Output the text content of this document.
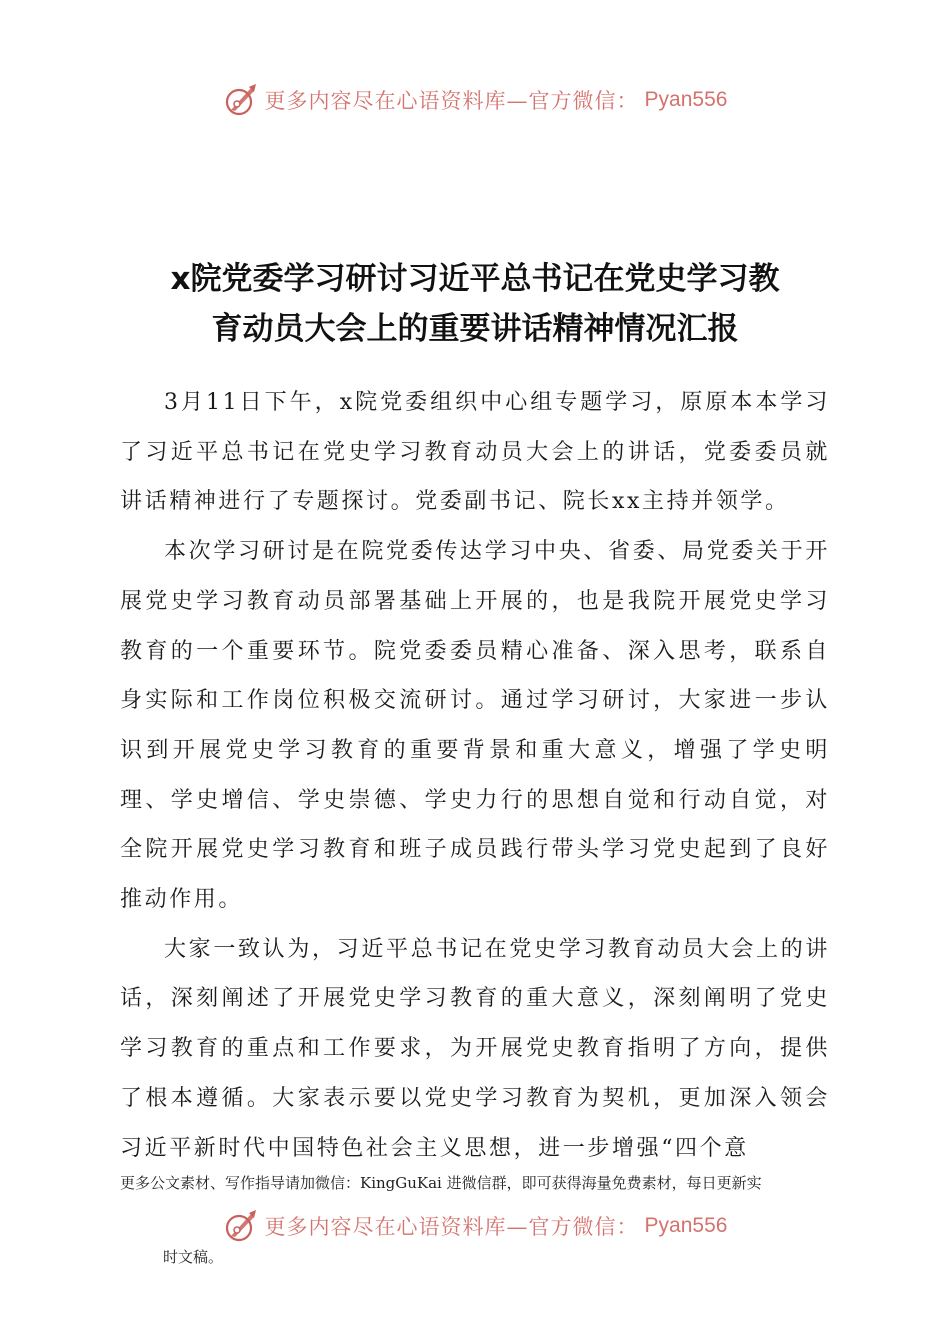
更多内容尽在心语资料库—官方微信： Pyan556
x院党委学习研讨习近平总书记在党史学习教
育动员大会上的重要讲话精神情况汇报

3月11日下午，x院党委组织中心组专题学习，原原本本学习了习近平总书记在党史学习教育动员大会上的讲话，党委委员就讲话精神进行了专题探讨。党委副书记、院长xx主持并领学。

本次学习研讨是在院党委传达学习中央、省委、局党委关于开展党史学习教育动员部署基础上开展的，也是我院开展党史学习教育的一个重要环节。院党委委员精心准备、深入思考，联系自身实际和工作岗位积极交流研讨。通过学习研讨，大家进一步认识到开展党史学习教育的重要背景和重大意义，增强了学史明理、学史增信、学史崇德、学史力行的思想自觉和行动自觉，对全院开展党史学习教育和班子成员践行带头学习党史起到了良好推动作用。

大家一致认为，习近平总书记在党史学习教育动员大会上的讲话，深刻阐述了开展党史学习教育的重大意义，深刻阐明了党史学习教育的重点和工作要求，为开展党史教育指明了方向，提供了根本遵循。大家表示要以党史学习教育为契机，更加深入领会习近平新时代中国特色社会主义思想，进一步增强“四个意

更多公文素材、写作指导请加微信：KingGuKai 进微信群，即可获得海量免费素材，每日更新实
更多内容尽在心语资料库—官方微信： Pyan556
时文稿。
